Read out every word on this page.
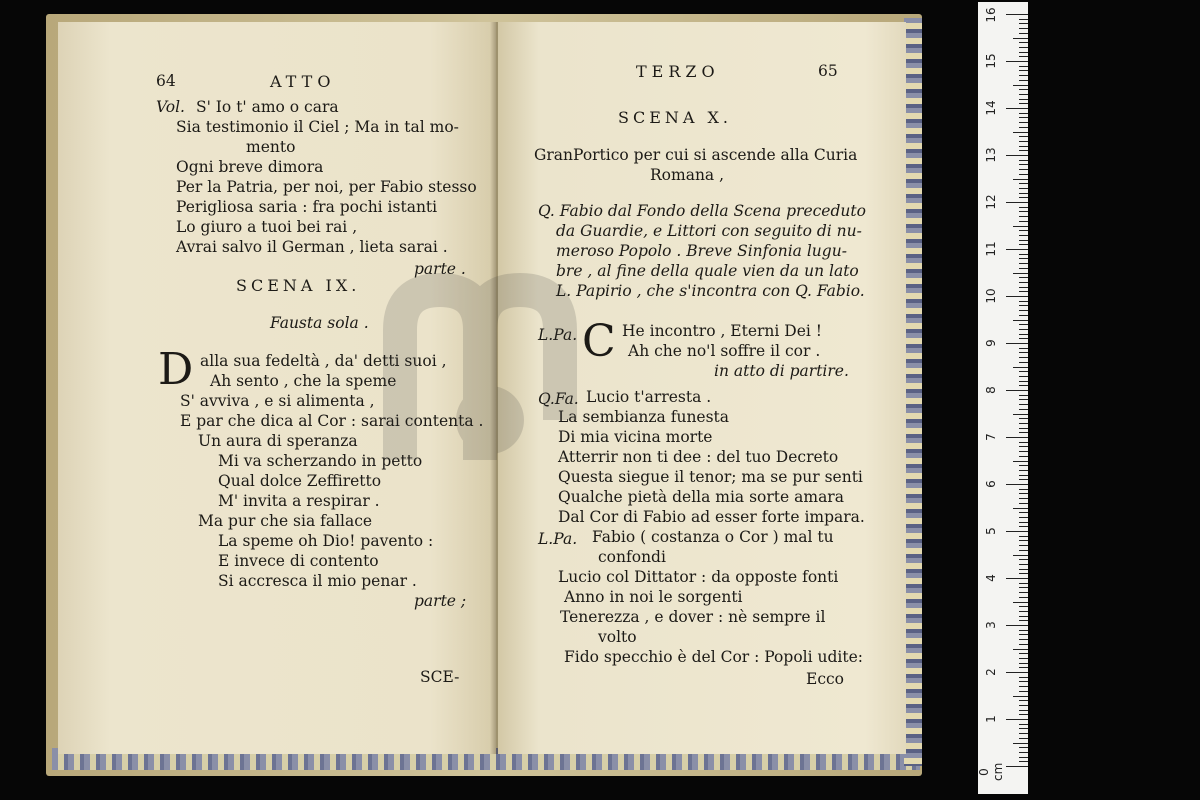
64	ATTO
Vol. S' Io t' amo o cara
Sia testimonio il Ciel ; Ma in tal mo-
mento
Ogni breve dimora
Per la Patria, per noi, per Fabio stesso
Perigliosa saria : fra pochi istanti
Lo giuro a tuoi bei rai ,
Avrai salvo il German , lieta sarai .
parte .
SCENA IX.
Fausta sola .
D alla sua fedeltà , da' detti suoi ,
Ah sento , che la speme
S' avviva , e si alimenta ,
E par che dica al Cor : sarai contenta .
Un aura di speranza
Mi va scherzando in petto
Qual dolce Zeffiretto
M' invita a respirar .
Ma pur che sia fallace
La speme oh Dio! pavento :
E invece di contento
Si accresca il mio penar .
parte ;
SCE-
TERZO	65
SCENA X.
GranPortico per cui si ascende alla Curia
Romana ,
Q. Fabio dal Fondo della Scena preceduto
da Guardie, e Littori con seguito di nu-
meroso Popolo . Breve Sinfonia lugu-
bre , al fine della quale vien da un lato
L. Papirio , che s'incontra con Q. Fabio.
L.Pa. C He incontro , Eterni Dei !
Ah che no'l soffre il cor .
in atto di partire.
Q.Fa. Lucio t'arresta .
La sembianza funesta
Di mia vicina morte
Atterrir non ti dee : del tuo Decreto
Questa siegue il tenor; ma se pur senti
Qualche pietà della mia sorte amara
Dal Cor di Fabio ad esser forte impara.
L.Pa. Fabio ( costanza o Cor ) mal tu
confondi
Lucio col Dittator : da opposte fonti
Anno in noi le sorgenti
Tenerezza , e dover : nè sempre il
volto
Fido specchio è del Cor : Popoli udite:
Ecco
0 cm
1
2
3
4
5
6
7
8
9
10
11
12
13
14
15
16
